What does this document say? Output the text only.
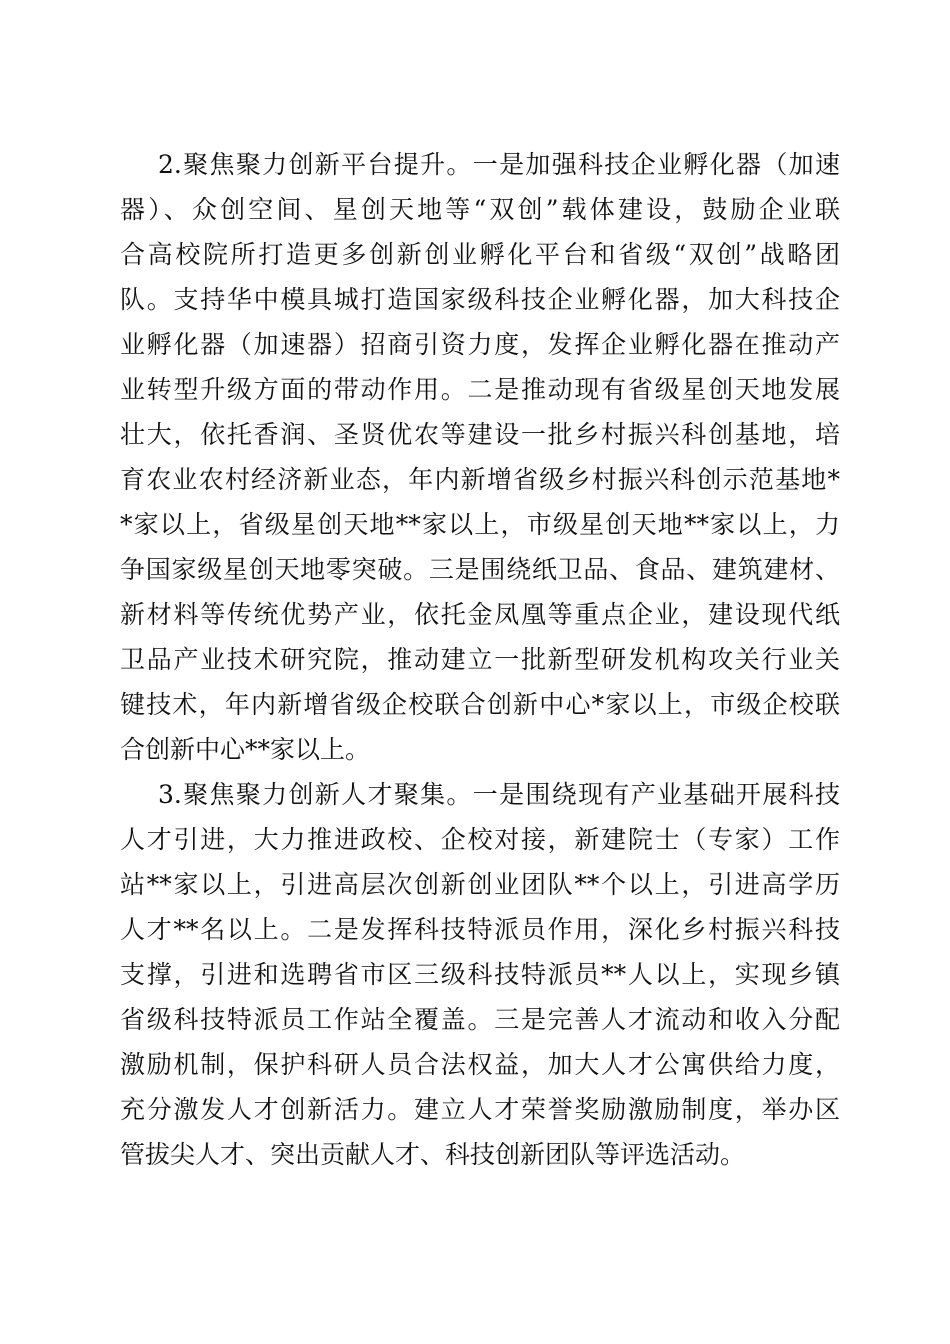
2.聚焦聚力创新平台提升。一是加强科技企业孵化器（加速
器）、众创空间、星创天地等“双创”载体建设，鼓励企业联
合高校院所打造更多创新创业孵化平台和省级“双创”战略团
队。支持华中模具城打造国家级科技企业孵化器，加大科技企
业孵化器（加速器）招商引资力度，发挥企业孵化器在推动产
业转型升级方面的带动作用。二是推动现有省级星创天地发展
壮大，依托香润、圣贤优农等建设一批乡村振兴科创基地，培
育农业农村经济新业态，年内新增省级乡村振兴科创示范基地*
*家以上，省级星创天地**家以上，市级星创天地**家以上，力
争国家级星创天地零突破。三是围绕纸卫品、食品、建筑建材、
新材料等传统优势产业，依托金凤凰等重点企业，建设现代纸
卫品产业技术研究院，推动建立一批新型研发机构攻关行业关
键技术，年内新增省级企校联合创新中心*家以上，市级企校联
合创新中心**家以上。
3.聚焦聚力创新人才聚集。一是围绕现有产业基础开展科技
人才引进，大力推进政校、企校对接，新建院士（专家）工作
站**家以上，引进高层次创新创业团队**个以上，引进高学历
人才**名以上。二是发挥科技特派员作用，深化乡村振兴科技
支撑，引进和选聘省市区三级科技特派员**人以上，实现乡镇
省级科技特派员工作站全覆盖。三是完善人才流动和收入分配
激励机制，保护科研人员合法权益，加大人才公寓供给力度，
充分激发人才创新活力。建立人才荣誉奖励激励制度，举办区
管拔尖人才、突出贡献人才、科技创新团队等评选活动。
